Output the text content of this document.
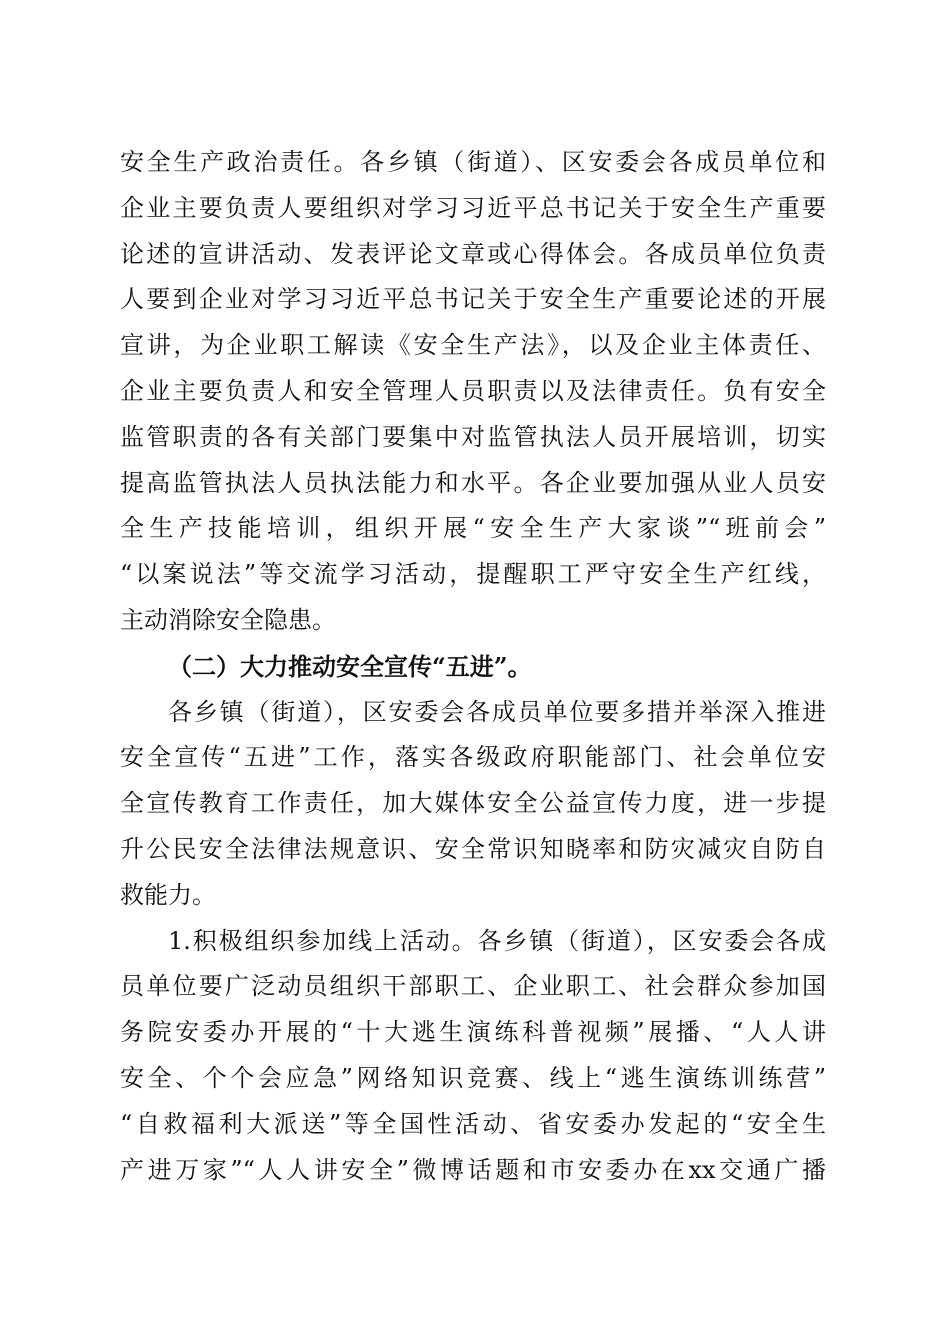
安全生产政治责任。各乡镇（街道）、区安委会各成员单位和
企业主要负责人要组织对学习习近平总书记关于安全生产重要
论述的宣讲活动、发表评论文章或心得体会。各成员单位负责
人要到企业对学习习近平总书记关于安全生产重要论述的开展
宣讲，为企业职工解读《安全生产法》，以及企业主体责任、
企业主要负责人和安全管理人员职责以及法律责任。负有安全
监管职责的各有关部门要集中对监管执法人员开展培训，切实
提高监管执法人员执法能力和水平。各企业要加强从业人员安
全生产技能培训，组织开展“安全生产大家谈”“班前会”
“以案说法”等交流学习活动，提醒职工严守安全生产红线，
主动消除安全隐患。
（二）大力推动安全宣传“五进”。
各乡镇（街道），区安委会各成员单位要多措并举深入推进
安全宣传“五进”工作，落实各级政府职能部门、社会单位安
全宣传教育工作责任，加大媒体安全公益宣传力度，进一步提
升公民安全法律法规意识、安全常识知晓率和防灾减灾自防自
救能力。
1.积极组织参加线上活动。各乡镇（街道），区安委会各成
员单位要广泛动员组织干部职工、企业职工、社会群众参加国
务院安委办开展的“十大逃生演练科普视频”展播、“人人讲
安全、个个会应急”网络知识竞赛、线上“逃生演练训练营”
“自救福利大派送”等全国性活动、省安委办发起的“安全生
产进万家”“人人讲安全”微博话题和市安委办在xx交通广播
